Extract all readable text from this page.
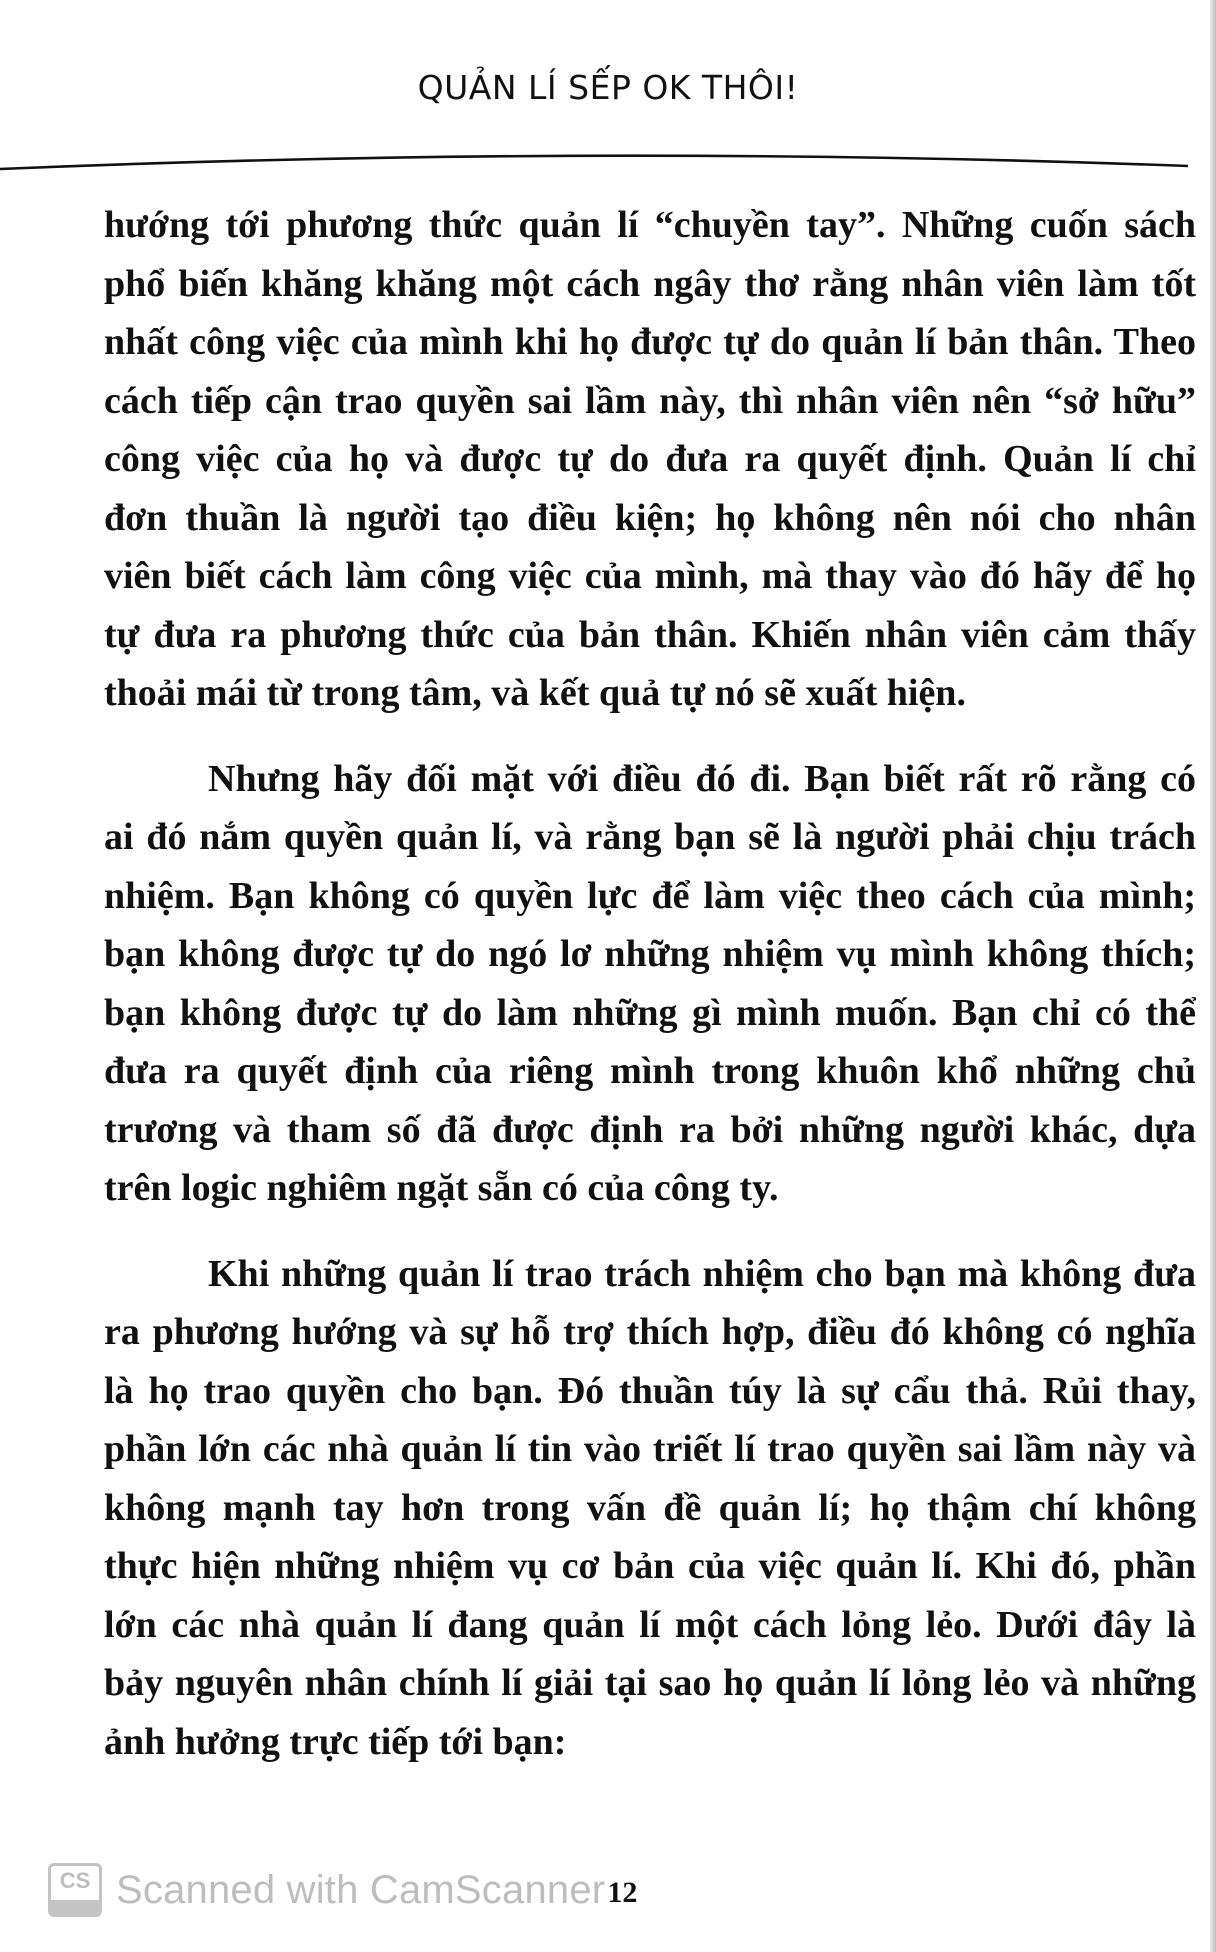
QUẢN LÍ SẾP OK THÔI!

hướng tới phương thức quản lí “chuyền tay”. Những cuốn sách
phổ biến khăng khăng một cách ngây thơ rằng nhân viên làm tốt
nhất công việc của mình khi họ được tự do quản lí bản thân. Theo
cách tiếp cận trao quyền sai lầm này, thì nhân viên nên “sở hữu”
công việc của họ và được tự do đưa ra quyết định. Quản lí chỉ
đơn thuần là người tạo điều kiện; họ không nên nói cho nhân
viên biết cách làm công việc của mình, mà thay vào đó hãy để họ
tự đưa ra phương thức của bản thân. Khiến nhân viên cảm thấy
thoải mái từ trong tâm, và kết quả tự nó sẽ xuất hiện.

Nhưng hãy đối mặt với điều đó đi. Bạn biết rất rõ rằng có
ai đó nắm quyền quản lí, và rằng bạn sẽ là người phải chịu trách
nhiệm. Bạn không có quyền lực để làm việc theo cách của mình;
bạn không được tự do ngó lơ những nhiệm vụ mình không thích;
bạn không được tự do làm những gì mình muốn. Bạn chỉ có thể
đưa ra quyết định của riêng mình trong khuôn khổ những chủ
trương và tham số đã được định ra bởi những người khác, dựa
trên logic nghiêm ngặt sẵn có của công ty.

Khi những quản lí trao trách nhiệm cho bạn mà không đưa
ra phương hướng và sự hỗ trợ thích hợp, điều đó không có nghĩa
là họ trao quyền cho bạn. Đó thuần túy là sự cẩu thả. Rủi thay,
phần lớn các nhà quản lí tin vào triết lí trao quyền sai lầm này và
không mạnh tay hơn trong vấn đề quản lí; họ thậm chí không
thực hiện những nhiệm vụ cơ bản của việc quản lí. Khi đó, phần
lớn các nhà quản lí đang quản lí một cách lỏng lẻo. Dưới đây là
bảy nguyên nhân chính lí giải tại sao họ quản lí lỏng lẻo và những
ảnh hưởng trực tiếp tới bạn:

CS Scanned with CamScanner 12
